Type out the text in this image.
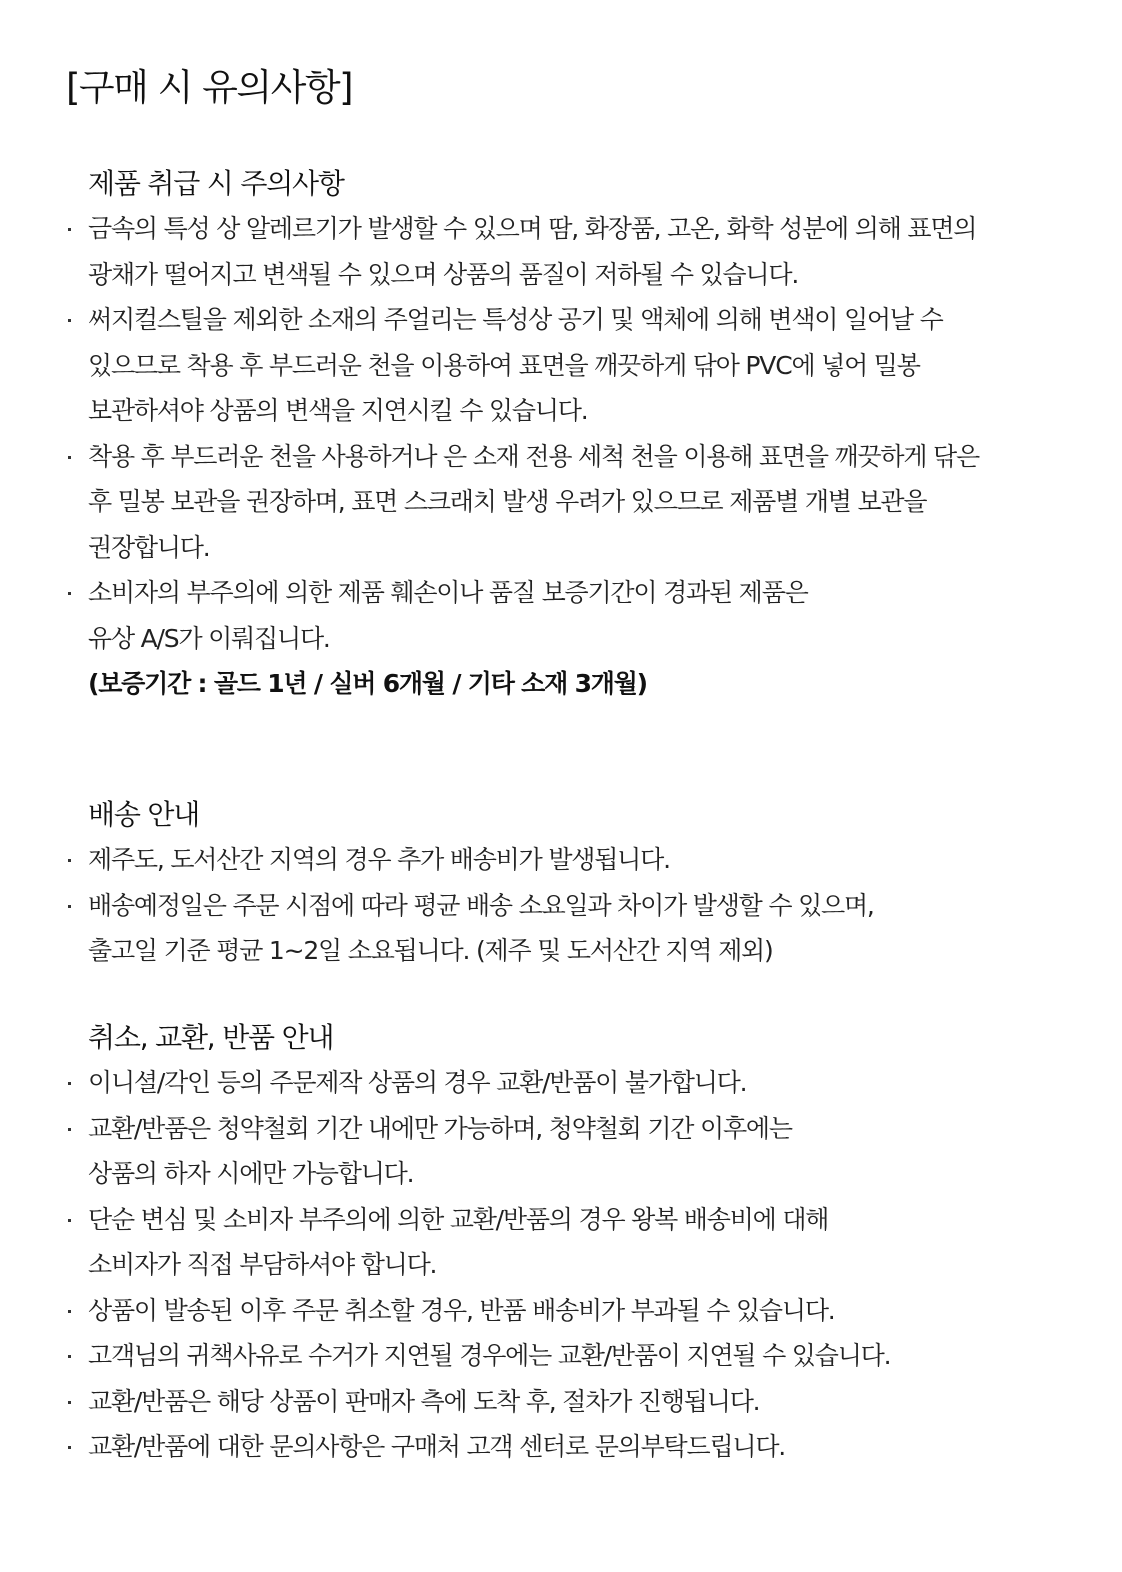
[구매 시 유의사항]
제품 취급 시 주의사항
금속의 특성 상 알레르기가 발생할 수 있으며 땀, 화장품, 고온, 화학 성분에 의해 표면의
광채가 떨어지고 변색될 수 있으며 상품의 품질이 저하될 수 있습니다.
써지컬스틸을 제외한 소재의 주얼리는 특성상 공기 및 액체에 의해 변색이 일어날 수
있으므로 착용 후 부드러운 천을 이용하여 표면을 깨끗하게 닦아 PVC에 넣어 밀봉
보관하셔야 상품의 변색을 지연시킬 수 있습니다.
착용 후 부드러운 천을 사용하거나 은 소재 전용 세척 천을 이용해 표면을 깨끗하게 닦은
후 밀봉 보관을 권장하며, 표면 스크래치 발생 우려가 있으므로 제품별 개별 보관을
권장합니다.
소비자의 부주의에 의한 제품 훼손이나 품질 보증기간이 경과된 제품은
유상 A/S가 이뤄집니다.
(보증기간 : 골드 1년 / 실버 6개월 / 기타 소재 3개월)
배송 안내
제주도, 도서산간 지역의 경우 추가 배송비가 발생됩니다.
배송예정일은 주문 시점에 따라 평균 배송 소요일과 차이가 발생할 수 있으며,
출고일 기준 평균 1~2일 소요됩니다. (제주 및 도서산간 지역 제외)
취소, 교환, 반품 안내
이니셜/각인 등의 주문제작 상품의 경우 교환/반품이 불가합니다.
교환/반품은 청약철회 기간 내에만 가능하며, 청약철회 기간 이후에는
상품의 하자 시에만 가능합니다.
단순 변심 및 소비자 부주의에 의한 교환/반품의 경우 왕복 배송비에 대해
소비자가 직접 부담하셔야 합니다.
상품이 발송된 이후 주문 취소할 경우, 반품 배송비가 부과될 수 있습니다.
고객님의 귀책사유로 수거가 지연될 경우에는 교환/반품이 지연될 수 있습니다.
교환/반품은 해당 상품이 판매자 측에 도착 후, 절차가 진행됩니다.
교환/반품에 대한 문의사항은 구매처 고객 센터로 문의부탁드립니다.
